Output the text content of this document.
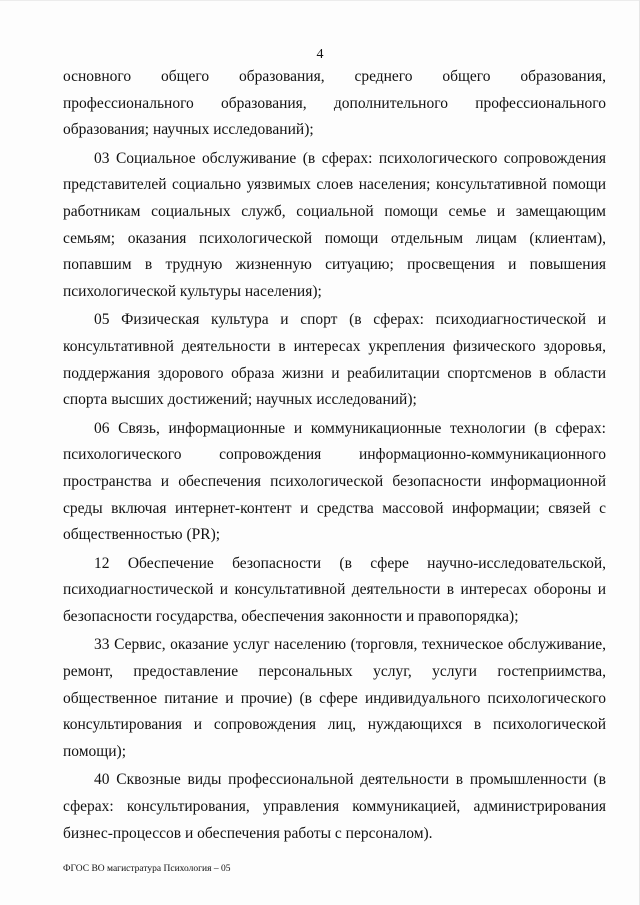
4

основного общего образования, среднего общего образования, профессионального образования, дополнительного профессионального образования; научных исследований);

03 Социальное обслуживание (в сферах: психологического сопровождения представителей социально уязвимых слоев населения; консультативной помощи работникам социальных служб, социальной помощи семье и замещающим семьям; оказания психологической помощи отдельным лицам (клиентам), попавшим в трудную жизненную ситуацию; просвещения и повышения психологической культуры населения);

05 Физическая культура и спорт (в сферах: психодиагностической и консультативной деятельности в интересах укрепления физического здоровья, поддержания здорового образа жизни и реабилитации спортсменов в области спорта высших достижений; научных исследований);

06 Связь, информационные и коммуникационные технологии (в сферах: психологического сопровождения информационно-коммуникационного пространства и обеспечения психологической безопасности информационной среды включая интернет-контент и средства массовой информации; связей с общественностью (PR);

12 Обеспечение безопасности (в сфере научно-исследовательской, психодиагностической и консультативной деятельности в интересах обороны и безопасности государства, обеспечения законности и правопорядка);

33 Сервис, оказание услуг населению (торговля, техническое обслуживание, ремонт, предоставление персональных услуг, услуги гостеприимства, общественное питание и прочие) (в сфере индивидуального психологического консультирования и сопровождения лиц, нуждающихся в психологической помощи);

40 Сквозные виды профессиональной деятельности в промышленности (в сферах: консультирования, управления коммуникацией, администрирования бизнес-процессов и обеспечения работы с персоналом).

ФГОС ВО магистратура Психология – 05
